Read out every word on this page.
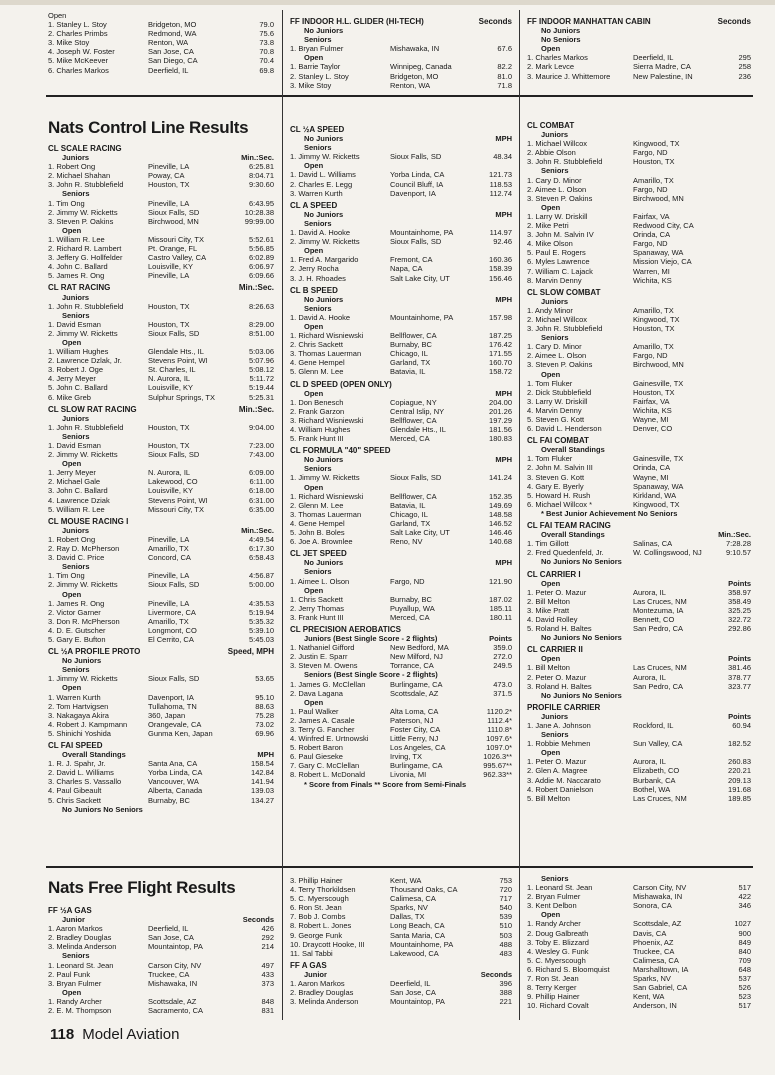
Open
1. Stanley L. Stoy	Bridgeton, MO	79.0
2. Charles Primbs	Redmond, WA	75.6
3. Mike Stoy	Renton, WA	73.8
4. Joseph W. Foster	San Jose, CA	70.8
5. Mike McKeever	San Diego, CA	70.4
6. Charles Markos	Deerfield, IL	69.8
FF INDOOR H.L. GLIDER (HI-TECH)	Seconds
No Juniors
Seniors
1. Bryan Fulmer	Mishawaka, IN	67.6
Open
1. Barrie Taylor	Winnipeg, Canada	82.2
2. Stanley L. Stoy	Bridgeton, MO	81.0
3. Mike Stoy	Renton, WA	71.8
FF INDOOR MANHATTAN CABIN	Seconds
No Juniors
No Seniors
Open
1. Charles Markos	Deerfield, IL	295
2. Mark Levce	Sierra Madre, CA	258
3. Maurice J. Whittemore	New Palestine, IN	236
Nats Control Line Results
CL SCALE RACING
Juniors	Min.:Sec.
1. Robert Ong	Pineville, LA	6:25.81
2. Michael Shahan	Poway, CA	8:04.71
3. John R. Stubblefield	Houston, TX	9:30.60
Seniors
1. Tim Ong	Pineville, LA	6:43.95
2. Jimmy W. Ricketts	Sioux Falls, SD	10:28.38
3. Steven P. Oakins	Birchwood, MN	99:99.00
Open
1. William R. Lee	Missouri City, TX	5:52.61
2. Richard R. Lambert	Pt. Orange, FL	5:56.85
3. Jeffery G. Hollfelder	Castro Valley, CA	6:02.89
4. John C. Ballard	Louisville, KY	6:06.97
5. James R. Ong	Pineville, LA	6:09.66
CL RAT RACING	Min.:Sec.
Juniors
1. John R. Stubblefield	Houston, TX	8:26.63
Seniors
1. David Esman	Houston, TX	8:29.00
2. Jimmy W. Ricketts	Sioux Falls, SD	8:51.00
Open
1. William Hughes	Glendale Hts., IL	5:03.06
2. Lawrence Dzlak, Jr.	Stevens Point, WI	5:07.96
3. Robert J. Oge	St. Charles, IL	5:08.12
4. Jerry Meyer	N. Aurora, IL	5:11.72
5. John C. Ballard	Louisville, KY	5:19.44
6. Mike Greb	Sulphur Springs, TX	5:25.31
CL SLOW RAT RACING	Min.:Sec.
Juniors
1. John R. Stubblefield	Houston, TX	9:04.00
Seniors
1. David Esman	Houston, TX	7:23.00
2. Jimmy W. Ricketts	Sioux Falls, SD	7:43.00
Open
1. Jerry Meyer	N. Aurora, IL	6:09.00
2. Michael Gale	Lakewood, CO	6:11.00
3. John C. Ballard	Louisville, KY	6:18.00
4. Lawrence Dziak	Stevens Point, WI	6:31.00
5. William R. Lee	Missouri City, TX	6:35.00
CL MOUSE RACING I
Juniors	Min.:Sec.
1. Robert Ong	Pineville, LA	4:49.54
2. Ray D. McPherson	Amarillo, TX	6:17.30
3. David C. Price	Concord, CA	6:58.43
Seniors
1. Tim Ong	Pineville, LA	4:56.87
2. Jimmy W. Ricketts	Sioux Falls, SD	5:00.00
Open
1. James R. Ong	Pineville, LA	4:35.53
2. Victor Garner	Livermore, CA	5:19.94
3. Don R. McPherson	Amarillo, TX	5:35.32
4. D. E. Gutscher	Longmont, CO	5:39.10
5. Gary E. Bufton	El Cerrito, CA	5:45.03
CL ½A PROFILE PROTO	Speed, MPH
No Juniors
Seniors
1. Jimmy W. Ricketts	Sioux Falls, SD	53.65
Open
1. Warren Kurth	Davenport, IA	95.10
2. Tom Hartvigsen	Tullahoma, TN	88.63
3. Nakagaya Akira	360, Japan	75.28
4. Robert J. Kampmann	Orangevale, CA	73.02
5. Shinichi Yoshida	Gunma Ken, Japan	69.96
CL FAI SPEED
Overall Standings	MPH
1. R. J. Spahr, Jr.	Santa Ana, CA	158.54
2. David L. Williams	Yorba Linda, CA	142.84
3. Charles S. Vassallo	Vancouver, WA	141.94
4. Paul Gibeault	Alberta, Canada	139.03
5. Chris Sackett	Burnaby, BC	134.27
No Juniors No Seniors
CL ½A SPEED
No Juniors	MPH
Seniors
1. Jimmy W. Ricketts	Sioux Falls, SD	48.34
Open
1. David L. Williams	Yorba Linda, CA	121.73
2. Charles E. Legg	Council Bluff, IA	118.53
3. Warren Kurth	Davenport, IA	112.74
CL A SPEED
No Juniors	MPH
Seniors
1. David A. Hooke	Mountainhome, PA	114.97
2. Jimmy W. Ricketts	Sioux Falls, SD	92.46
Open
1. Fred A. Margarido	Fremont, CA	160.36
2. Jerry Rocha	Napa, CA	158.39
3. J. H. Rhoades	Salt Lake City, UT	156.46
CL B SPEED
No Juniors	MPH
Seniors
1. David A. Hooke	Mountainhome, PA	157.98
Open
1. Richard Wisniewski	Bellflower, CA	187.25
2. Chris Sackett	Burnaby, BC	176.42
3. Thomas Lauerman	Chicago, IL	171.55
4. Gene Hempel	Garland, TX	160.70
5. Glenn M. Lee	Batavia, IL	158.72
CL D SPEED (OPEN ONLY)
Open	MPH
1. Don Benesch	Copiague, NY	204.00
2. Frank Garzon	Central Islip, NY	201.26
3. Richard Wisniewski	Bellflower, CA	197.29
4. William Hughes	Glendale Hts., IL	181.56
5. Frank Hunt III	Merced, CA	180.83
CL FORMULA "40" SPEED
No Juniors	MPH
Seniors
1. Jimmy W. Ricketts	Sioux Falls, SD	141.24
Open
1. Richard Wisniewski	Bellflower, CA	152.35
2. Glenn M. Lee	Batavia, IL	149.69
3. Thomas Lauerman	Chicago, IL	148.58
4. Gene Hempel	Garland, TX	146.52
5. John B. Boles	Salt Lake City, UT	146.46
6. Joe A. Brownlee	Reno, NV	140.68
CL JET SPEED
No Juniors	MPH
Seniors
1. Aimee L. Olson	Fargo, ND	121.90
Open
1. Chris Sackett	Burnaby, BC	187.02
2. Jerry Thomas	Puyallup, WA	185.11
3. Frank Hunt III	Merced, CA	180.11
CL PRECISION AEROBATICS
Juniors (Best Single Score - 2 flights)	Points
1. Nathaniel Gifford	New Bedford, MA	359.0
2. Justin E. Sparr	New Milford, NJ	272.0
3. Steven M. Owens	Torrance, CA	249.5
Seniors (Best Single Score - 2 flights)
1. James G. McClellan	Burlingame, CA	473.0
2. Dava Lagana	Scottsdale, AZ	371.5
Open
1. Paul Walker	Alta Loma, CA	1120.2*
2. James A. Casale	Paterson, NJ	1112.4*
3. Terry G. Fancher	Foster City, CA	1110.8*
4. Winfred E. Urtnowski	Little Ferry, NJ	1097.6*
5. Robert Baron	Los Angeles, CA	1097.0*
6. Paul Gieseke	Irving, TX	1026.3**
7. Gary C. McClellan	Burlingame, CA	995.67**
8. Robert L. McDonald	Livonia, MI	962.33**
* Score from Finals ** Score from Semi-Finals
CL COMBAT
Juniors
1. Michael Willcox	Kingwood, TX
2. Abbie Olson	Fargo, ND
3. John R. Stubblefield	Houston, TX
Seniors
1. Cary D. Minor	Amarillo, TX
2. Aimee L. Olson	Fargo, ND
3. Steven P. Oakins	Birchwood, MN
Open
1. Larry W. Driskill	Fairfax, VA
2. Mike Petri	Redwood City, CA
3. John M. Salvin IV	Orinda, CA
4. Mike Olson	Fargo, ND
5. Paul E. Rogers	Spanaway, WA
6. Myles Lawrence	Mission Viejo, CA
7. William C. Lajack	Warren, MI
8. Marvin Denny	Wichita, KS
CL SLOW COMBAT
Juniors
1. Andy Minor	Amarillo, TX
2. Michael Willcox	Kingwood, TX
3. John R. Stubblefield	Houston, TX
Seniors
1. Cary D. Minor	Amarillo, TX
2. Aimee L. Olson	Fargo, ND
3. Steven P. Oakins	Birchwood, MN
Open
1. Tom Fluker	Gainesville, TX
2. Dick Stubblefield	Houston, TX
3. Larry W. Driskill	Fairfax, VA
4. Marvin Denny	Wichita, KS
5. Steven G. Kott	Wayne, MI
6. David L. Henderson	Denver, CO
CL FAI COMBAT
Overall Standings
1. Tom Fluker	Gainesville, TX
2. John M. Salvin III	Orinda, CA
3. Steven G. Kott	Wayne, MI
4. Gary E. Byerly	Spanaway, WA
5. Howard H. Rush	Kirkland, WA
6. Michael Willcox *	Kingwood, TX
* Best Junior Achievement No Seniors
CL FAI TEAM RACING
Overall Standings	Min.:Sec.
1. Tim Gillott	Salinas, CA	7:28.28
2. Fred Quedenfeld, Jr.	W. Collingswood, NJ	9:10.57
No Juniors No Seniors
CL CARRIER I
Open	Points
1. Peter O. Mazur	Aurora, IL	358.97
2. Bill Melton	Las Cruces, NM	358.49
3. Mike Pratt	Montezuma, IA	325.25
4. David Rolley	Bennett, CO	322.72
5. Roland H. Baltes	San Pedro, CA	292.86
No Juniors No Seniors
CL CARRIER II
Open	Points
1. Bill Melton	Las Cruces, NM	381.46
2. Peter O. Mazur	Aurora, IL	378.77
3. Roland H. Baltes	San Pedro, CA	323.77
No Juniors No Seniors
PROFILE CARRIER
Juniors	Points
1. Jane A. Johnson	Rockford, IL	60.94
Seniors
1. Robbie Mehmen	Sun Valley, CA	182.52
Open
1. Peter O. Mazur	Aurora, IL	260.83
2. Glen A. Magree	Elizabeth, CO	220.21
3. Addie M. Naccarato	Burbank, CA	209.13
4. Robert Danielson	Bothel, WA	191.68
5. Bill Melton	Las Cruces, NM	189.85
Nats Free Flight Results
FF ½A GAS
Junior	Seconds
1. Aaron Markos	Deerfield, IL	426
2. Bradley Douglas	San Jose, CA	292
3. Melinda Anderson	Mountaintop, PA	214
Seniors
1. Leonard St. Jean	Carson City, NV	497
2. Paul Funk	Truckee, CA	433
3. Bryan Fulmer	Mishawaka, IN	373
Open
1. Randy Archer	Scottsdale, AZ	848
2. E. M. Thompson	Sacramento, CA	831
3. Phillip Hainer	Kent, WA	753
4. Terry Thorkildsen	Thousand Oaks, CA	720
5. C. Myerscough	Calimesa, CA	717
6. Ron St. Jean	Sparks, NV	540
7. Bob J. Combs	Dallas, TX	539
8. Robert L. Jones	Long Beach, CA	510
9. George Funk	Santa Maria, CA	503
10. Draycott Hooke, III	Mountainhome, PA	488
11. Sal Tabbi	Lakewood, CA	483
FF A GAS
Junior	Seconds
1. Aaron Markos	Deerfield, IL	396
2. Bradley Douglas	San Jose, CA	388
3. Melinda Anderson	Mountaintop, PA	221
Seniors
1. Leonard St. Jean	Carson City, NV	517
2. Bryan Fulmer	Mishawaka, IN	422
3. Kent Delbon	Sonora, CA	346
Open
1. Randy Archer	Scottsdale, AZ	1027
2. Doug Galbreath	Davis, CA	900
3. Toby E. Blizzard	Phoenix, AZ	849
4. Wesley G. Funk	Truckee, CA	840
5. C. Myerscough	Calimesa, CA	709
6. Richard S. Bloomquist	Marshalltown, IA	648
7. Ron St. Jean	Sparks, NV	537
8. Terry Kerger	San Gabriel, CA	526
9. Phillip Hainer	Kent, WA	523
10. Richard Covalt	Anderson, IN	517
118 Model Aviation
